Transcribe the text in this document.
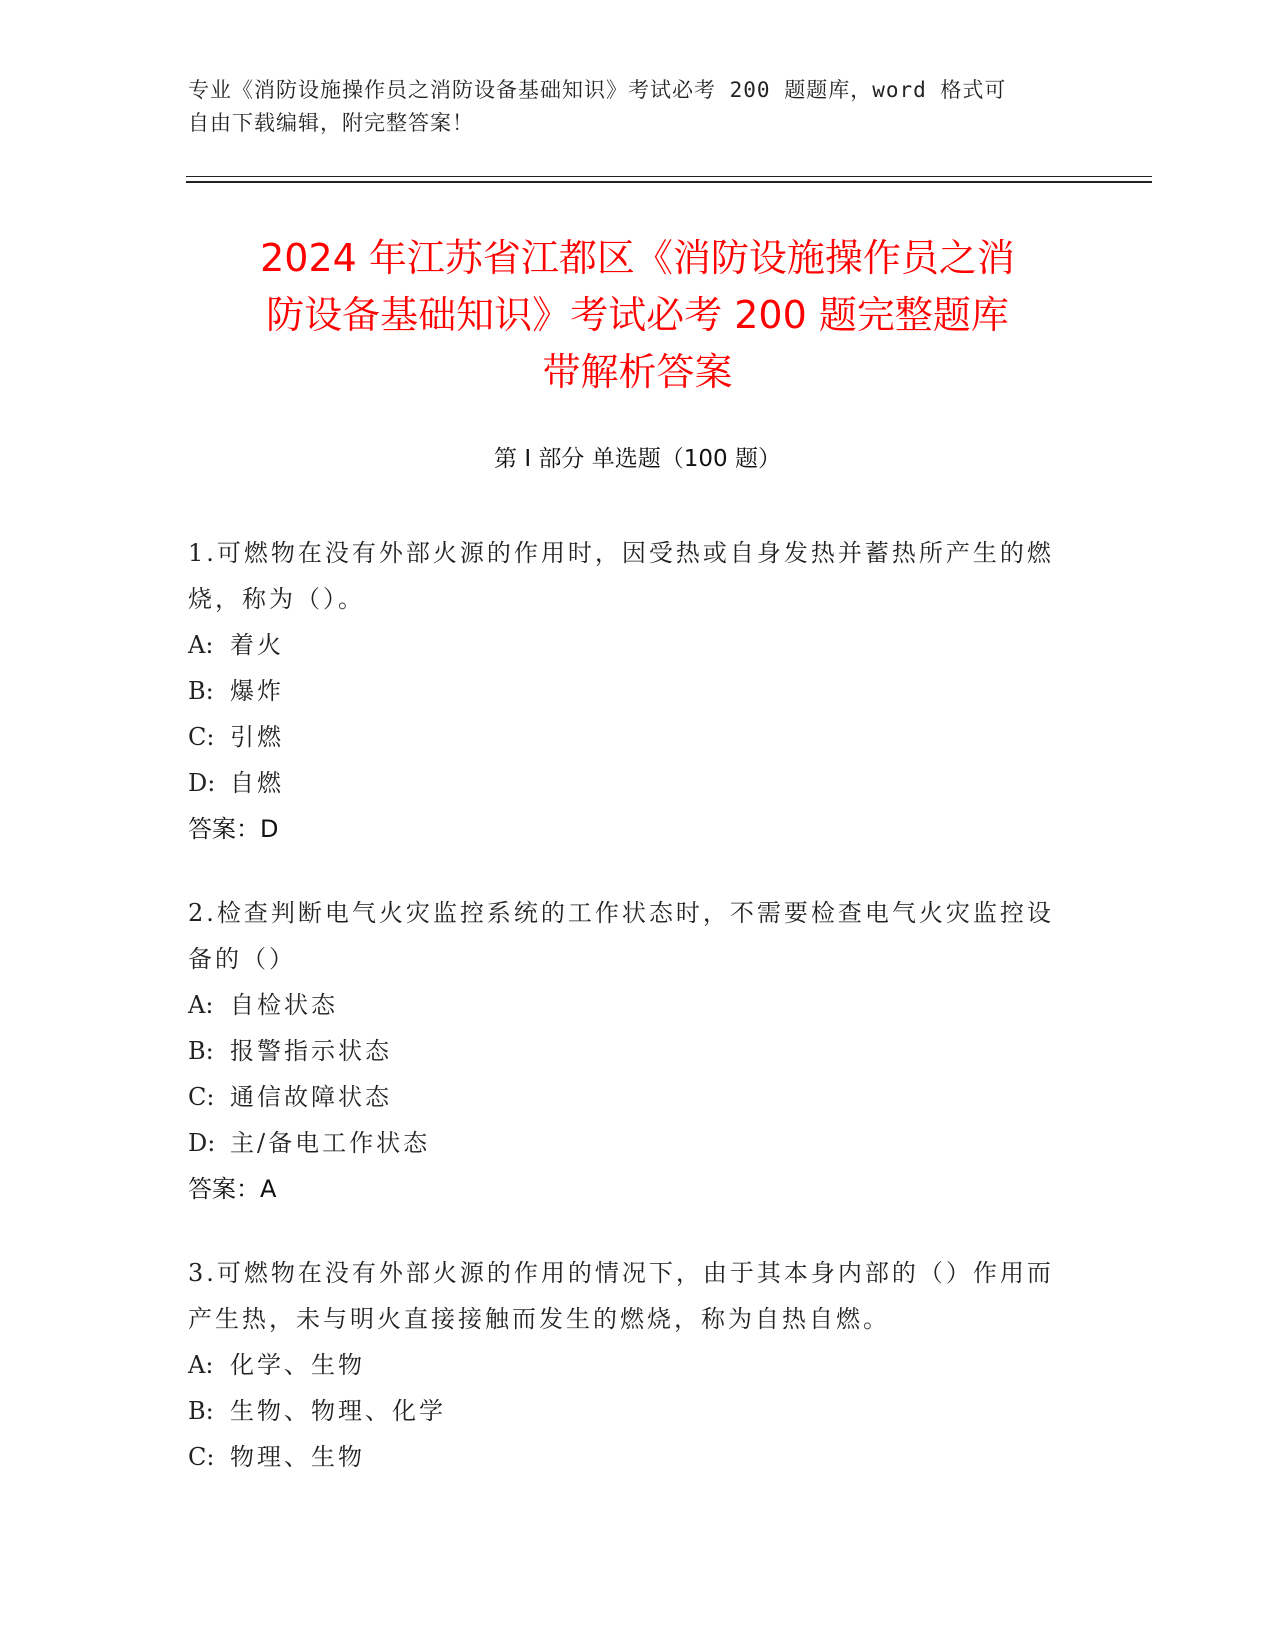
专业《消防设施操作员之消防设备基础知识》考试必考 200 题题库，word 格式可
自由下载编辑，附完整答案！
2024 年江苏省江都区《消防设施操作员之消
防设备基础知识》考试必考 200 题完整题库
带解析答案
第 I 部分 单选题（100 题）
1.可燃物在没有外部火源的作用时，因受热或自身发热并蓄热所产生的燃烧，称为（）。
A: 着火
B: 爆炸
C: 引燃
D: 自燃
答案：D
2.检查判断电气火灾监控系统的工作状态时，不需要检查电气火灾监控设备的（）
A: 自检状态
B: 报警指示状态
C: 通信故障状态
D: 主/备电工作状态
答案：A
3.可燃物在没有外部火源的作用的情况下，由于其本身内部的（）作用而产生热，未与明火直接接触而发生的燃烧，称为自热自燃。
A: 化学、生物
B: 生物、物理、化学
C: 物理、生物
